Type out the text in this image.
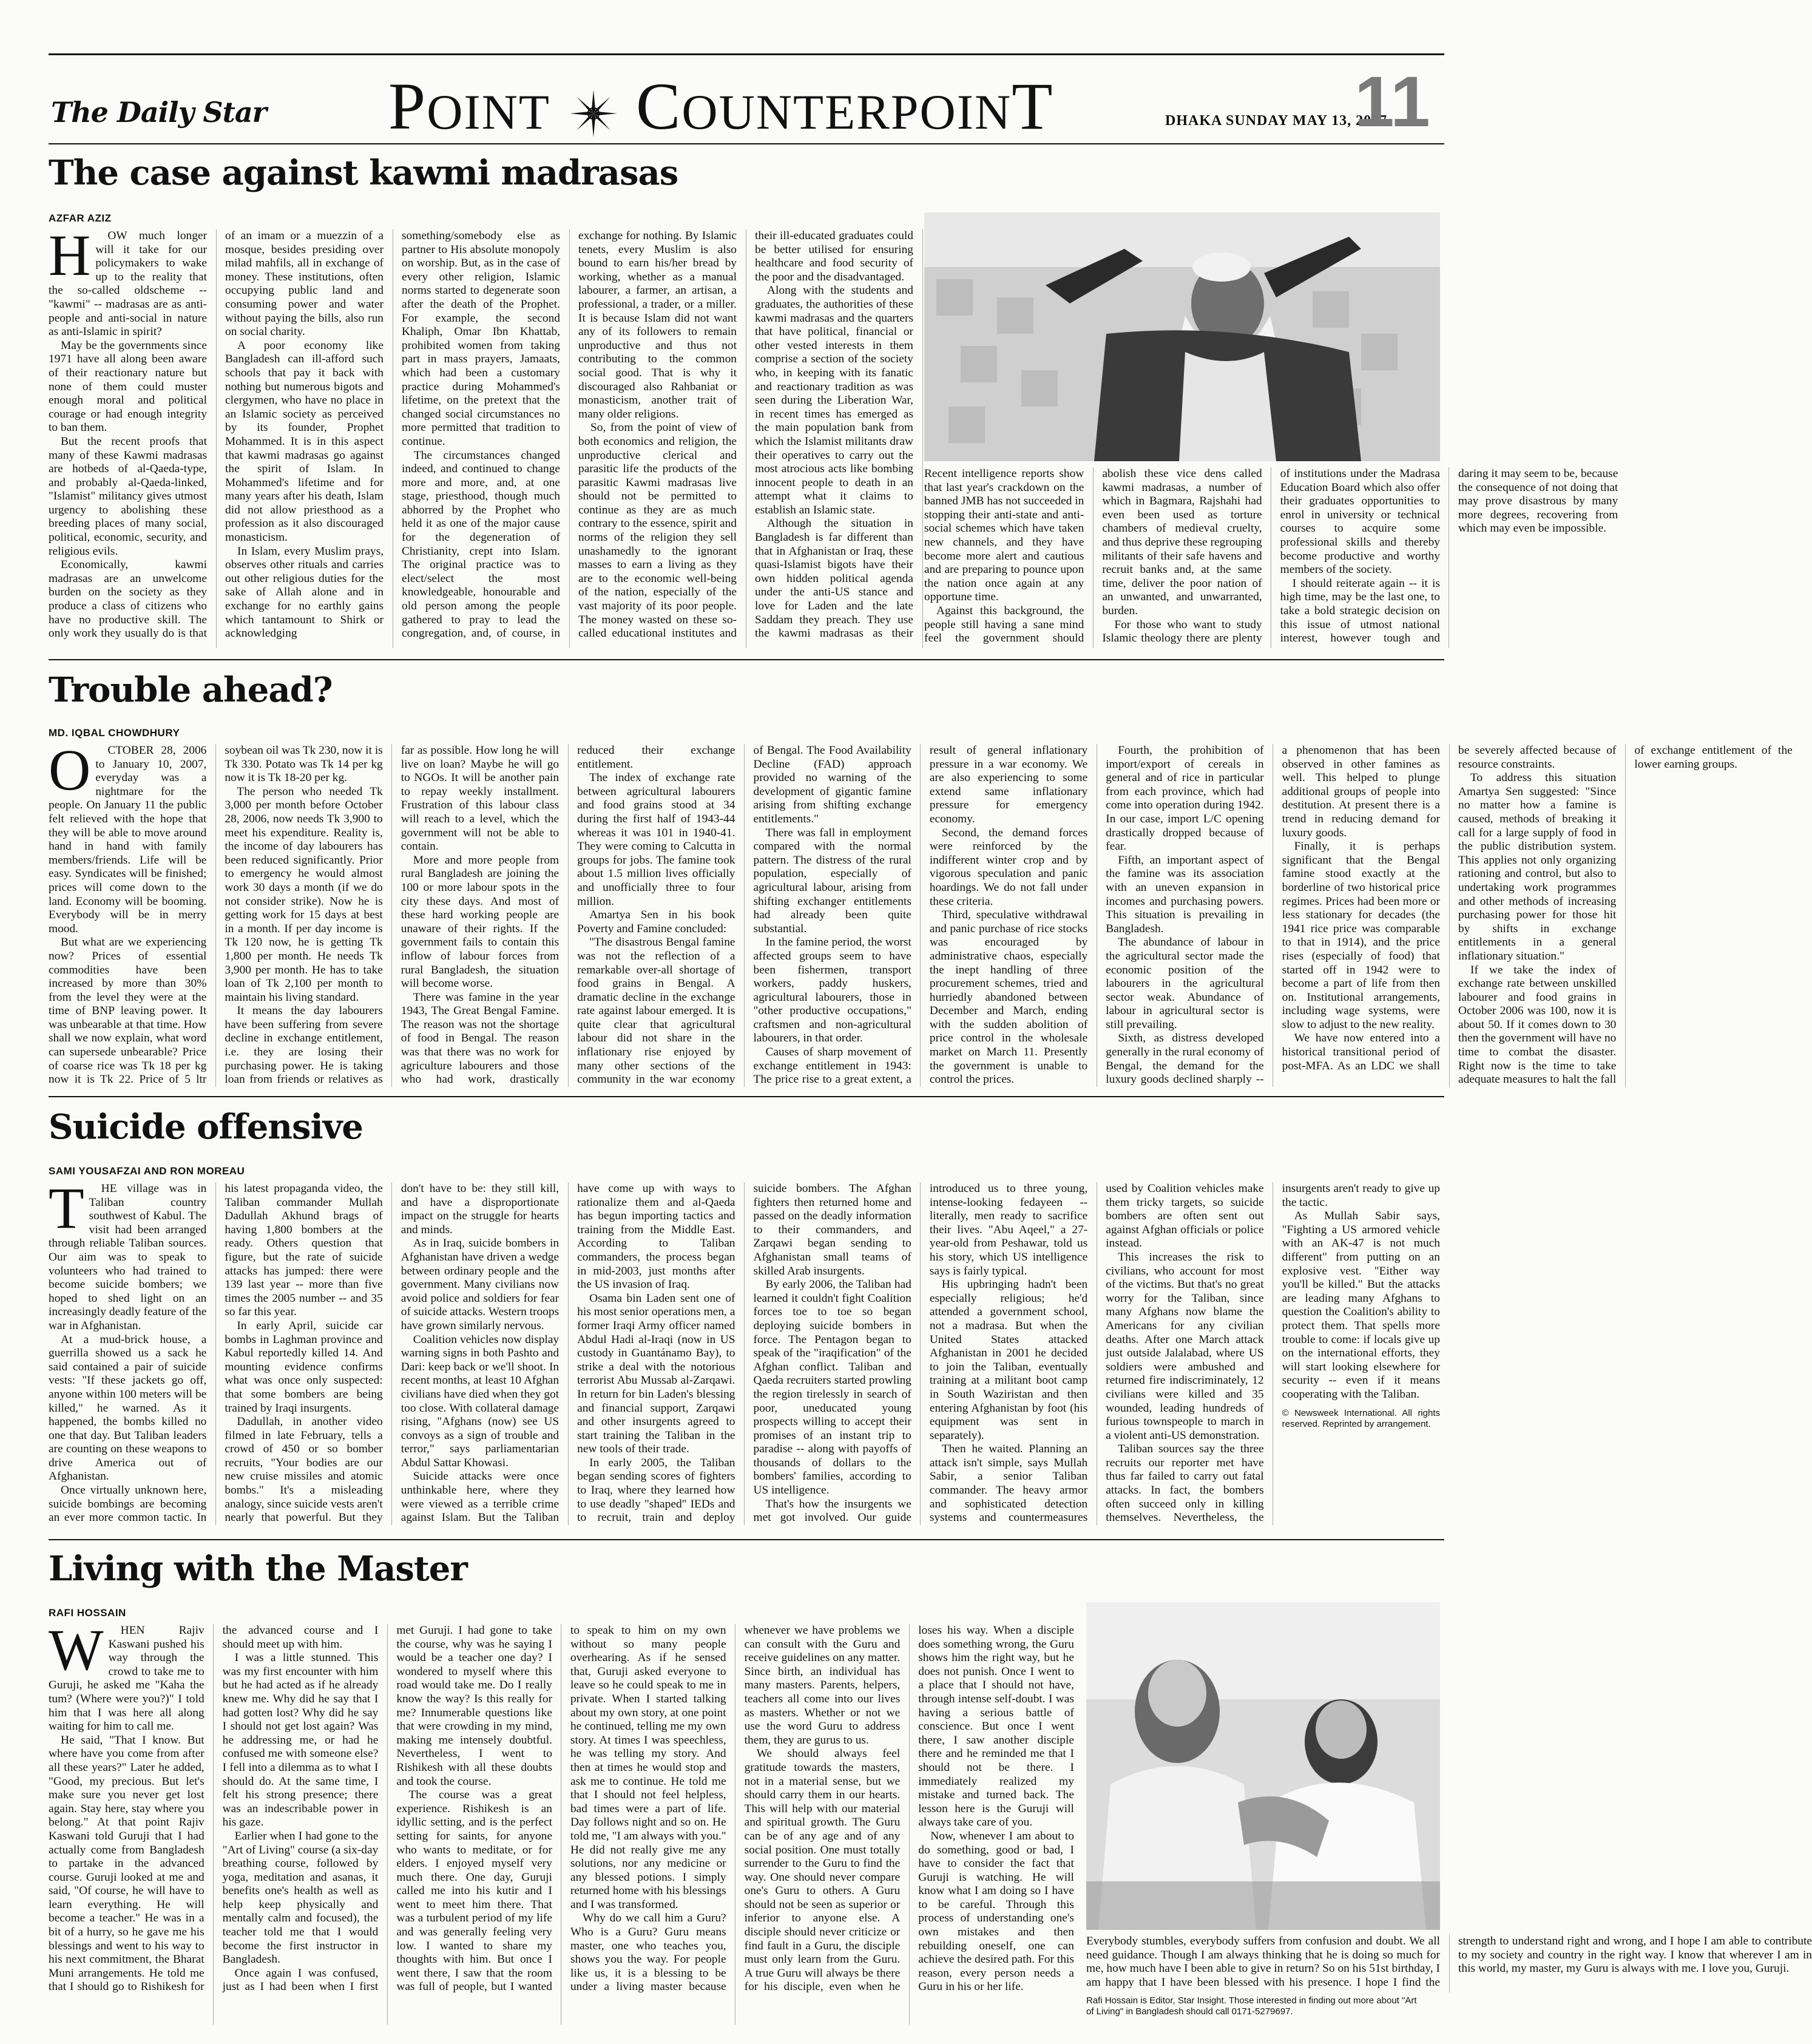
The Daily Star POINT COUNTERPOINT	DHAKA SUNDAY MAY 13, 2007
11
The case against kawmi madrasas
AZFAR AZIZ
H	OW much longer will it take for our policymakers to wake up to the reality that the so-called oldscheme -- "kawmi" -- madrasas are as anti-people and anti-social in nature as anti-Islamic in spirit?

May be the governments since 1971 have all along been aware of their reactionary nature but none of them could muster enough moral and political courage or had enough integrity to ban them.

But the recent proofs that many of these Kawmi madrasas are hotbeds of al-Qaeda-type, and probably al-Qaeda-linked, "Islamist" militancy gives utmost urgency to abolishing these breeding places of many social, political, economic, security, and religious evils.

Economically, kawmi madrasas are an unwelcome burden on the society as they produce a class of citizens who have no productive skill. The only work they usually do is that of an imam or a muezzin of a mosque, besides presiding over milad mahfils, all in exchange of money. These institutions, often occupying public land and consuming power and water without paying the bills, also run on social charity.

A poor economy like Bangladesh can ill-afford such schools that pay it back with nothing but numerous bigots and clergymen, who have no place in an Islamic society as perceived by its founder, Prophet Mohammed. It is in this aspect that kawmi madrasas go against the spirit of Islam. In Mohammed's lifetime and for many years after his death, Islam did not allow priesthood as a profession as it also discouraged monasticism.

In Islam, every Muslim prays, observes other rituals and carries out other religious duties for the sake of Allah alone and in exchange for no earthly gains which tantamount to Shirk or acknowledging something/somebody else as partner to His absolute monopoly on worship. But, as in the case of every other religion, Islamic norms started to degenerate soon after the death of the Prophet. For example, the second Khaliph, Omar Ibn Khattab, prohibited women from taking part in mass prayers, Jamaats, which had been a customary practice during Mohammed's lifetime, on the pretext that the changed social circumstances no more permitted that tradition to continue.

The circumstances changed indeed, and continued to change more and more, and, at one stage, priesthood, though much abhorred by the Prophet who held it as one of the major cause for the degeneration of Christianity, crept into Islam. The original practice was to elect/select the most knowledgeable, honourable and old person among the people gathered to pray to lead the congregation, and, of course, in exchange for nothing. By Islamic tenets, every Muslim is also bound to earn his/her bread by working, whether as a manual labourer, a farmer, an artisan, a professional, a trader, or a miller. It is because Islam did not want any of its followers to remain unproductive and thus not contributing to the common social good. That is why it discouraged also Rahbaniat or monasticism, another trait of many older religions.

So, from the point of view of both economics and religion, the unproductive clerical and parasitic life the products of the parasitic Kawmi madrasas live should not be permitted to continue as they are as much contrary to the essence, spirit and norms of the religion they sell unashamedly to the ignorant masses to earn a living as they are to the economic well-being of the nation, especially of the vast majority of its poor people. The money wasted on these so-called educational institutes and their ill-educated graduates could be better utilised for ensuring healthcare and food security of the poor and the disadvantaged.

Along with the students and graduates, the authorities of these kawmi madrasas and the quarters that have political, financial or other vested interests in them comprise a section of the society who, in keeping with its fanatic and reactionary tradition as was seen during the Liberation War, in recent times has emerged as the main population bank from which the Islamist militants draw their operatives to carry out the most atrocious acts like bombing innocent people to death in an attempt what it claims to establish an Islamic state.

Although the situation in Bangladesh is far different than that in Afghanistan or Iraq, these quasi-Islamist bigots have their own hidden political agenda under the anti-US stance and love for Laden and the late Saddam they preach. They use the kawmi madrasas as their

Recent intelligence reports show that last year's crackdown on the banned JMB has not succeeded in stopping their anti-state and anti-social schemes which have taken new channels, and they have become more alert and cautious and are preparing to pounce upon the nation once again at any opportune time.

Against this background, the people still having a sane mind feel the government should abolish these vice dens called kawmi madrasas, a number of which in Bagmara, Rajshahi had even been used as torture chambers of medieval cruelty, and thus deprive these regrouping militants of their safe havens and recruit banks and, at the same time, deliver the poor nation of an unwanted, and unwarranted, burden.

For those who want to study Islamic theology there are plenty of institutions under the Madrasa Education Board which also offer their graduates opportunities to enrol in university or technical courses to acquire some professional skills and thereby become productive and worthy members of the society.

I should reiterate again -- it is high time, may be the last one, to take a bold strategic decision on this issue of utmost national interest, however tough and daring it may seem to be, because the consequence of not doing that may prove disastrous by many more degrees, recovering from which may even be impossible.

Trouble ahead?
MD. IQBAL CHOWDHURY
O	CTOBER 28, 2006 to January 10, 2007, everyday was a nightmare for the people. On January 11 the public felt relieved with the hope that they will be able to move around hand in hand with family members/friends. Life will be easy. Syndicates will be finished; prices will come down to the land. Economy will be booming. Everybody will be in merry mood.

But what are we experiencing now? Prices of essential commodities have been increased by more than 30% from the level they were at the time of BNP leaving power. It was unbearable at that time. How shall we now explain, what word can supersede unbearable? Price of coarse rice was Tk 18 per kg now it is Tk 22. Price of 5 ltr soybean oil was Tk 230, now it is Tk 330. Potato was Tk 14 per kg now it is Tk 18-20 per kg.

The person who needed Tk 3,000 per month before October 28, 2006, now needs Tk 3,900 to meet his expenditure. Reality is, the income of day labourers has been reduced significantly. Prior to emergency he would almost work 30 days a month (if we do not consider strike). Now he is getting work for 15 days at best in a month. If per day income is Tk 120 now, he is getting Tk 1,800 per month. He needs Tk 3,900 per month. He has to take loan of Tk 2,100 per month to maintain his living standard.

It means the day labourers have been suffering from severe decline in exchange entitlement, i.e. they are losing their purchasing power. He is taking loan from friends or relatives as far as possible. How long he will live on loan? Maybe he will go to NGOs. It will be another pain to repay weekly installment. Frustration of this labour class will reach to a level, which the government will not be able to contain.

More and more people from rural Bangladesh are joining the 100 or more labour spots in the city these days. And most of these hard working people are unaware of their rights. If the government fails to contain this inflow of labour forces from rural Bangladesh, the situation will become worse.

There was famine in the year 1943, The Great Bengal Famine. The reason was not the shortage of food in Bengal. The reason was that there was no work for agriculture labourers and those who had work, drastically reduced their exchange entitlement.

The index of exchange rate between agricultural labourers and food grains stood at 34 during the first half of 1943-44 whereas it was 101 in 1940-41. They were coming to Calcutta in groups for jobs. The famine took about 1.5 million lives officially and unofficially three to four million.

Amartya Sen in his book Poverty and Famine concluded:

"The disastrous Bengal famine was not the reflection of a remarkable over-all shortage of food grains in Bengal. A dramatic decline in the exchange rate against labour emerged. It is quite clear that agricultural labour did not share in the inflationary rise enjoyed by many other sections of the community in the war economy of Bengal. The Food Availability Decline (FAD) approach provided no warning of the development of gigantic famine arising from shifting exchange entitlements."

There was fall in employment compared with the normal pattern. The distress of the rural population, especially of agricultural labour, arising from shifting exchanger entitlements had already been quite substantial.

In the famine period, the worst affected groups seem to have been fishermen, transport workers, paddy huskers, agricultural labourers, those in "other productive occupations," craftsmen and non-agricultural labourers, in that order.

Causes of sharp movement of exchange entitlement in 1943: The price rise to a great extent, a result of general inflationary pressure in a war economy. We are also experiencing to some extend same inflationary pressure for emergency economy.

Second, the demand forces were reinforced by the indifferent winter crop and by vigorous speculation and panic hoardings. We do not fall under these criteria.

Third, speculative withdrawal and panic purchase of rice stocks was encouraged by administrative chaos, especially the inept handling of three procurement schemes, tried and hurriedly abandoned between December and March, ending with the sudden abolition of price control in the wholesale market on March 11. Presently the government is unable to control the prices.

Fourth, the prohibition of import/export of cereals in general and of rice in particular from each province, which had come into operation during 1942. In our case, import L/C opening drastically dropped because of fear.

Fifth, an important aspect of the famine was its association with an uneven expansion in incomes and purchasing powers. This situation is prevailing in Bangladesh.

The abundance of labour in the agricultural sector made the economic position of the labourers in the agricultural sector weak. Abundance of labour in agricultural sector is still prevailing.

Sixth, as distress developed generally in the rural economy of Bengal, the demand for the luxury goods declined sharply -- a phenomenon that has been observed in other famines as well. This helped to plunge additional groups of people into destitution. At present there is a trend in reducing demand for luxury goods.

Finally, it is perhaps significant that the Bengal famine stood exactly at the borderline of two historical price regimes. Prices had been more or less stationary for decades (the 1941 rice price was comparable to that in 1914), and the price rises (especially of food) that started off in 1942 were to become a part of life from then on. Institutional arrangements, including wage systems, were slow to adjust to the new reality.

We have now entered into a historical transitional period of post-MFA. As an LDC we shall be severely affected because of resource constraints.

To address this situation Amartya Sen suggested: "Since no matter how a famine is caused, methods of breaking it call for a large supply of food in the public distribution system. This applies not only organizing rationing and control, but also to undertaking work programmes and other methods of increasing purchasing power for those hit by shifts in exchange entitlements in a general inflationary situation."

If we take the index of exchange rate between unskilled labourer and food grains in October 2006 was 100, now it is about 50. If it comes down to 30 then the government will have no time to combat the disaster. Right now is the time to take adequate measures to halt the fall of exchange entitlement of the lower earning groups.

Suicide offensive
SAMI YOUSAFZAI AND RON MOREAU
T	HE village was in Taliban country southwest of Kabul. The visit had been arranged through reliable Taliban sources. Our aim was to speak to volunteers who had trained to become suicide bombers; we hoped to shed light on an increasingly deadly feature of the war in Afghanistan.

At a mud-brick house, a guerrilla showed us a sack he said contained a pair of suicide vests: "If these jackets go off, anyone within 100 meters will be killed," he warned. As it happened, the bombs killed no one that day. But Taliban leaders are counting on these weapons to drive America out of Afghanistan.

Once virtually unknown here, suicide bombings are becoming an ever more common tactic. In his latest propaganda video, the Taliban commander Mullah Dadullah Akhund brags of having 1,800 bombers at the ready. Others question that figure, but the rate of suicide attacks has jumped: there were 139 last year -- more than five times the 2005 number -- and 35 so far this year.

In early April, suicide car bombs in Laghman province and Kabul reportedly killed 14. And mounting evidence confirms what was once only suspected: that some bombers are being trained by Iraqi insurgents.

Dadullah, in another video filmed in late February, tells a crowd of 450 or so bomber recruits, "Your bodies are our new cruise missiles and atomic bombs." It's a misleading analogy, since suicide vests aren't nearly that powerful. But they don't have to be: they still kill, and have a disproportionate impact on the struggle for hearts and minds.

As in Iraq, suicide bombers in Afghanistan have driven a wedge between ordinary people and the government. Many civilians now avoid police and soldiers for fear of suicide attacks. Western troops have grown similarly nervous.

Coalition vehicles now display warning signs in both Pashto and Dari: keep back or we'll shoot. In recent months, at least 10 Afghan civilians have died when they got too close. With collateral damage rising, "Afghans (now) see US convoys as a sign of trouble and terror," says parliamentarian Abdul Sattar Khowasi.

Suicide attacks were once unthinkable here, where they were viewed as a terrible crime against Islam. But the Taliban have come up with ways to rationalize them and al-Qaeda has begun importing tactics and training from the Middle East. According to Taliban commanders, the process began in mid-2003, just months after the US invasion of Iraq.

Osama bin Laden sent one of his most senior operations men, a former Iraqi Army officer named Abdul Hadi al-Iraqi (now in US custody in Guantánamo Bay), to strike a deal with the notorious terrorist Abu Mussab al-Zarqawi. In return for bin Laden's blessing and financial support, Zarqawi and other insurgents agreed to start training the Taliban in the new tools of their trade.

In early 2005, the Taliban began sending scores of fighters to Iraq, where they learned how to use deadly "shaped" IEDs and to recruit, train and deploy suicide bombers. The Afghan fighters then returned home and passed on the deadly information to their commanders, and Zarqawi began sending to Afghanistan small teams of skilled Arab insurgents.

By early 2006, the Taliban had learned it couldn't fight Coalition forces toe to toe so began deploying suicide bombers in force. The Pentagon began to speak of the "iraqification" of the Afghan conflict. Taliban and Qaeda recruiters started prowling the region tirelessly in search of poor, uneducated young prospects willing to accept their promises of an instant trip to paradise -- along with payoffs of thousands of dollars to the bombers' families, according to US intelligence.

That's how the insurgents we met got involved. Our guide introduced us to three young, intense-looking fedayeen -- literally, men ready to sacrifice their lives. "Abu Aqeel," a 27-year-old from Peshawar, told us his story, which US intelligence says is fairly typical.

His upbringing hadn't been especially religious; he'd attended a government school, not a madrasa. But when the United States attacked Afghanistan in 2001 he decided to join the Taliban, eventually training at a militant boot camp in South Waziristan and then entering Afghanistan by foot (his equipment was sent in separately).

Then he waited. Planning an attack isn't simple, says Mullah Sabir, a senior Taliban commander. The heavy armor and sophisticated detection systems and countermeasures used by Coalition vehicles make them tricky targets, so suicide bombers are often sent out against Afghan officials or police instead.

This increases the risk to civilians, who account for most of the victims. But that's no great worry for the Taliban, since many Afghans now blame the Americans for any civilian deaths. After one March attack just outside Jalalabad, where US soldiers were ambushed and returned fire indiscriminately, 12 civilians were killed and 35 wounded, leading hundreds of furious townspeople to march in a violent anti-US demonstration.

Taliban sources say the three recruits our reporter met have thus far failed to carry out fatal attacks. In fact, the bombers often succeed only in killing themselves. Nevertheless, the insurgents aren't ready to give up the tactic.

As Mullah Sabir says, "Fighting a US armored vehicle with an AK-47 is not much different" from putting on an explosive vest. "Either way you'll be killed." But the attacks are leading many Afghans to question the Coalition's ability to protect them. That spells more trouble to come: if locals give up on the international efforts, they will start looking elsewhere for security -- even if it means cooperating with the Taliban.

© Newsweek International. All rights reserved. Reprinted by arrangement.

Living with the Master
RAFI HOSSAIN
W	HEN Rajiv Kaswani pushed his way through the crowd to take me to Guruji, he asked me "Kaha the tum? (Where were you?)" I told him that I was here all along waiting for him to call me.

He said, "That I know. But where have you come from after all these years?" Later he added, "Good, my precious. But let's make sure you never get lost again. Stay here, stay where you belong." At that point Rajiv Kaswani told Guruji that I had actually come from Bangladesh to partake in the advanced course. Guruji looked at me and said, "Of course, he will have to learn everything. He will become a teacher." He was in a bit of a hurry, so he gave me his blessings and went to his way to his next commitment, the Bharat Muni arrangements. He told me that I should go to Rishikesh for the advanced course and I should meet up with him.

I was a little stunned. This was my first encounter with him but he had acted as if he already knew me. Why did he say that I had gotten lost? Why did he say I should not get lost again? Was he addressing me, or had he confused me with someone else? I fell into a dilemma as to what I should do. At the same time, I felt his strong presence; there was an indescribable power in his gaze.

Earlier when I had gone to the "Art of Living" course (a six-day breathing course, followed by yoga, meditation and asanas, it benefits one's health as well as help keep physically and mentally calm and focused), the teacher told me that I would become the first instructor in Bangladesh.

Once again I was confused, just as I had been when I first met Guruji. I had gone to take the course, why was he saying I would be a teacher one day? I wondered to myself where this road would take me. Do I really know the way? Is this really for me? Innumerable questions like that were crowding in my mind, making me intensely doubtful. Nevertheless, I went to Rishikesh with all these doubts and took the course.

The course was a great experience. Rishikesh is an idyllic setting, and is the perfect setting for saints, for anyone who wants to meditate, or for elders. I enjoyed myself very much there. One day, Guruji called me into his kutir and I went to meet him there. That was a turbulent period of my life and was generally feeling very low. I wanted to share my thoughts with him. But once I went there, I saw that the room was full of people, but I wanted to speak to him on my own without so many people overhearing. As if he sensed that, Guruji asked everyone to leave so he could speak to me in private. When I started talking about my own story, at one point he continued, telling me my own story. At times I was speechless, he was telling my story. And then at times he would stop and ask me to continue. He told me that I should not feel helpless, bad times were a part of life. Day follows night and so on. He told me, "I am always with you." He did not really give me any solutions, nor any medicine or any blessed potions. I simply returned home with his blessings and I was transformed.

Why do we call him a Guru? Who is a Guru? Guru means master, one who teaches you, shows you the way. For people like us, it is a blessing to be under a living master because whenever we have problems we can consult with the Guru and receive guidelines on any matter. Since birth, an individual has many masters. Parents, helpers, teachers all come into our lives as masters. Whether or not we use the word Guru to address them, they are gurus to us.

We should always feel gratitude towards the masters, not in a material sense, but we should carry them in our hearts. This will help with our material and spiritual growth. The Guru can be of any age and of any social position. One must totally surrender to the Guru to find the way. One should never compare one's Guru to others. A Guru should not be seen as superior or inferior to anyone else. A disciple should never criticize or find fault in a Guru, the disciple must only learn from the Guru. A true Guru will always be there for his disciple, even when he loses his way. When a disciple does something wrong, the Guru shows him the right way, but he does not punish. Once I went to a place that I should not have, through intense self-doubt. I was having a serious battle of conscience. But once I went there, I saw another disciple there and he reminded me that I should not be there. I immediately realized my mistake and turned back. The lesson here is the Guruji will always take care of you.

Now, whenever I am about to do something, good or bad, I have to consider the fact that Guruji is watching. He will know what I am doing so I have to be careful. Through this process of understanding one's own mistakes and then rebuilding oneself, one can achieve the desired path. For this reason, every person needs a Guru in his or her life.

Everybody stumbles, everybody suffers from confusion and doubt. We all need guidance. Though I am always thinking that he is doing so much for me, how much have I been able to give in return? So on his 51st birthday, I am happy that I have been blessed with his presence. I hope I find the strength to understand right and wrong, and I hope I am able to contribute to my society and country in the right way. I know that wherever I am in this world, my master, my Guru is always with me. I love you, Guruji.

Rafi Hossain is Editor, Star Insight. Those interested in finding out more about "Art of Living" in Bangladesh should call 0171-5279697.
